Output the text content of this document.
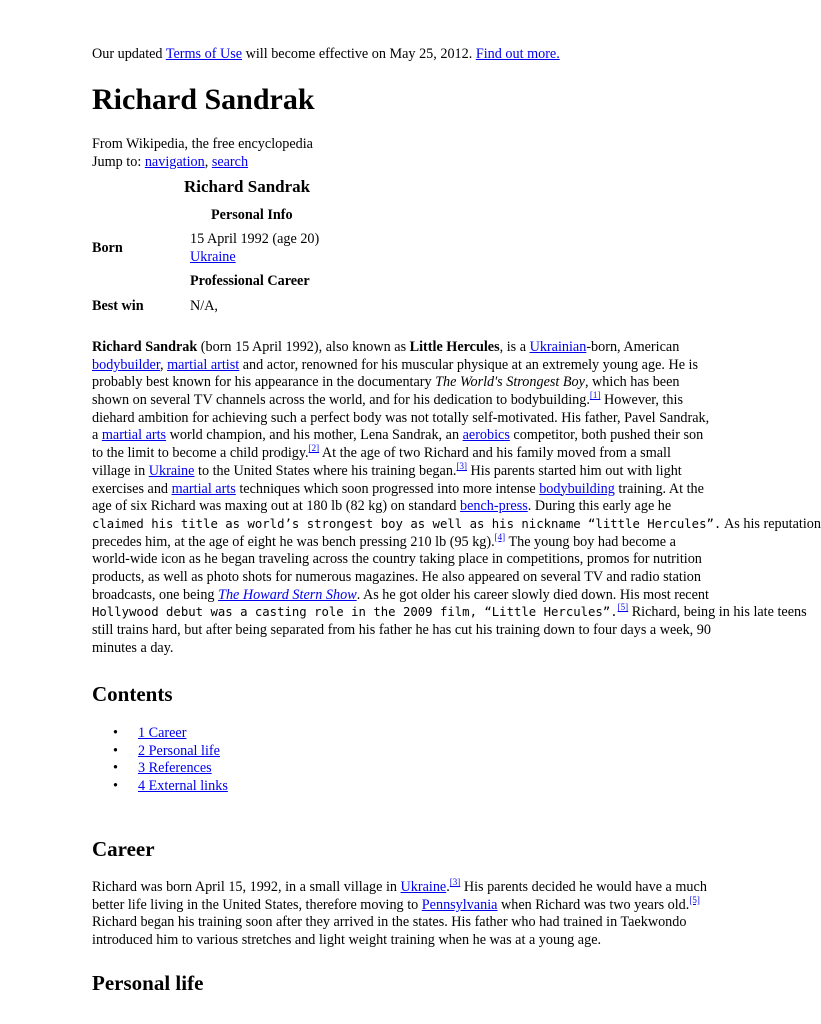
Our updated Terms of Use will become effective on May 25, 2012. Find out more.
Richard Sandrak
From Wikipedia, the free encyclopedia
Jump to: navigation, search
Richard Sandrak
Personal Info
Born
15 April 1992 (age 20)
Ukraine
Professional Career
Best win	N/A,
Richard Sandrak (born 15 April 1992), also known as Little Hercules, is a Ukrainian-born, American
bodybuilder, martial artist and actor, renowned for his muscular physique at an extremely young age. He is
probably best known for his appearance in the documentary The World's Strongest Boy, which has been
shown on several TV channels across the world, and for his dedication to bodybuilding.[1] However, this
diehard ambition for achieving such a perfect body was not totally self-motivated. His father, Pavel Sandrak,
a martial arts world champion, and his mother, Lena Sandrak, an aerobics competitor, both pushed their son
to the limit to become a child prodigy.[2] At the age of two Richard and his family moved from a small
village in Ukraine to the United States where his training began.[3] His parents started him out with light
exercises and martial arts techniques which soon progressed into more intense bodybuilding training. At the
age of six Richard was maxing out at 180 lb (82 kg) on standard bench-press. During this early age he
claimed his title as world’s strongest boy as well as his nickname “little Hercules”. As his reputation
precedes him, at the age of eight he was bench pressing 210 lb (95 kg).[4] The young boy had become a
world-wide icon as he began traveling across the country taking place in competitions, promos for nutrition
products, as well as photo shots for numerous magazines. He also appeared on several TV and radio station
broadcasts, one being The Howard Stern Show. As he got older his career slowly died down. His most recent
Hollywood debut was a casting role in the 2009 film, “Little Hercules”.[5] Richard, being in his late teens
still trains hard, but after being separated from his father he has cut his training down to four days a week, 90
minutes a day.
Contents
• 1 Career
• 2 Personal life
• 3 References
• 4 External links
Career
Richard was born April 15, 1992, in a small village in Ukraine.[3] His parents decided he would have a much
better life living in the United States, therefore moving to Pennsylvania when Richard was two years old.[5]
Richard began his training soon after they arrived in the states. His father who had trained in Taekwondo
introduced him to various stretches and light weight training when he was at a young age.
Personal life
